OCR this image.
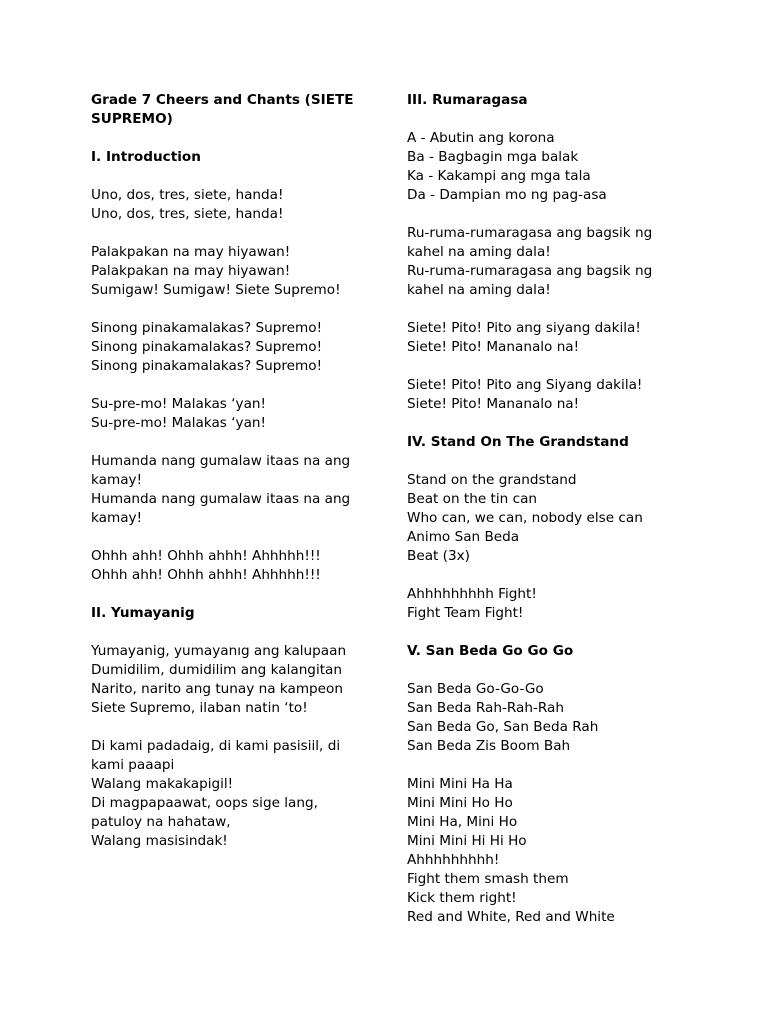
Grade 7 Cheers and Chants (SIETE
SUPREMO)
I. Introduction
Uno, dos, tres, siete, handa!
Uno, dos, tres, siete, handa!
Palakpakan na may hiyawan!
Palakpakan na may hiyawan!
Sumigaw! Sumigaw! Siete Supremo!
Sinong pinakamalakas? Supremo!
Sinong pinakamalakas? Supremo!
Sinong pinakamalakas? Supremo!
Su-pre-mo! Malakas ‘yan!
Su-pre-mo! Malakas ‘yan!
Humanda nang gumalaw itaas na ang
kamay!
Humanda nang gumalaw itaas na ang
kamay!
Ohhh ahh! Ohhh ahhh! Ahhhhh!!!
Ohhh ahh! Ohhh ahhh! Ahhhhh!!!
II. Yumayanig
Yumayanig, yumayanıg ang kalupaan
Dumidilim, dumidilim ang kalangitan
Narito, narito ang tunay na kampeon
Siete Supremo, ilaban natin ‘to!
Di kami padadaig, di kami pasisiil, di
kami paaapi
Walang makakapigil!
Di magpapaawat, oops sige lang,
patuloy na hahataw,
Walang masisindak!
III. Rumaragasa
A - Abutin ang korona
Ba - Bagbagin mga balak
Ka - Kakampi ang mga tala
Da - Dampian mo ng pag-asa
Ru-ruma-rumaragasa ang bagsik ng
kahel na aming dala!
Ru-ruma-rumaragasa ang bagsik ng
kahel na aming dala!
Siete! Pito! Pito ang siyang dakila!
Siete! Pito! Mananalo na!
Siete! Pito! Pito ang Siyang dakila!
Siete! Pito! Mananalo na!
IV. Stand On The Grandstand
Stand on the grandstand
Beat on the tin can
Who can, we can, nobody else can
Animo San Beda
Beat (3x)
Ahhhhhhhhh Fight!
Fight Team Fight!
V. San Beda Go Go Go
San Beda Go-Go-Go
San Beda Rah-Rah-Rah
San Beda Go, San Beda Rah
San Beda Zis Boom Bah
Mini Mini Ha Ha
Mini Mini Ho Ho
Mini Ha, Mini Ho
Mini Mini Hi Hi Ho
Ahhhhhhhhh!
Fight them smash them
Kick them right!
Red and White, Red and White
